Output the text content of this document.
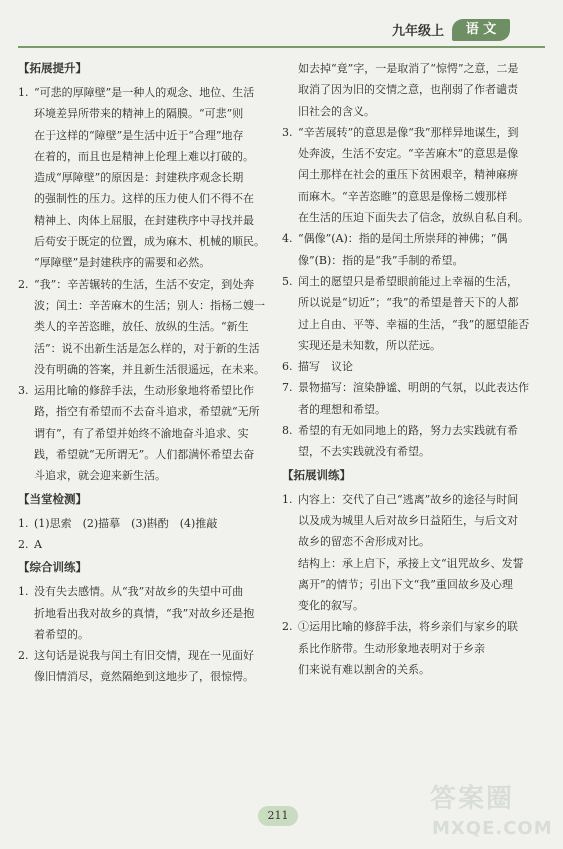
九年级上	语 文
【拓展提升】
1. “可悲的厚障壁”是一种人的观念、地位、生活
环境差异所带来的精神上的隔膜。“可悲”则
在于这样的“障壁”是生活中近于“合理”地存
在着的，而且也是精神上伦理上难以打破的。
造成“厚障壁”的原因是：封建秩序观念长期
的强制性的压力。这样的压力使人们不得不在
精神上、肉体上屈服，在封建秩序中寻找并最
后苟安于既定的位置，成为麻木、机械的顺民。
“厚障壁”是封建秩序的需要和必然。
2. “我”：辛苦辗转的生活，生活不安定，到处奔
波；闰土：辛苦麻木的生活；别人：指杨二嫂一
类人的辛苦恣睢，放任、放纵的生活。“新生
活”：说不出新生活是怎么样的，对于新的生活
没有明确的答案，并且新生活很遥远，在未来。
3. 运用比喻的修辞手法，生动形象地将希望比作
路，指空有希望而不去奋斗追求，希望就“无所
谓有”，有了希望并始终不渝地奋斗追求、实
践，希望就“无所谓无”。人们都满怀希望去奋
斗追求，就会迎来新生活。
【当堂检测】
1. (1)思索　(2)描摹　(3)斟酌　(4)推敲
2. A
【综合训练】
1. 没有失去感情。从“我”对故乡的失望中可曲
折地看出我对故乡的真情，“我”对故乡还是抱
着希望的。
2. 这句话是说我与闰土有旧交情，现在一见面好
像旧情消尽，竟然隔绝到这地步了，很惊愕。
如去掉“竟”字，一是取消了“惊愕”之意，二是
取消了因为旧的交情之意，也削弱了作者谴责
旧社会的含义。
3. “辛苦展转”的意思是像“我”那样异地谋生，到
处奔波，生活不安定。“辛苦麻木”的意思是像
闰土那样在社会的重压下贫困艰辛，精神麻痹
而麻木。“辛苦恣睢”的意思是像杨二嫂那样
在生活的压迫下面失去了信念，放纵自私自利。
4. “偶像”(A)：指的是闰土所崇拜的神佛；“偶
像”(B)：指的是“我”手制的希望。
5. 闰土的愿望只是希望眼前能过上幸福的生活，
所以说是“切近”；“我”的希望是普天下的人都
过上自由、平等、幸福的生活，“我”的愿望能否
实现还是未知数，所以茫远。
6. 描写　议论
7. 景物描写：渲染静谧、明朗的气氛，以此表达作
者的理想和希望。
8. 希望的有无如同地上的路，努力去实践就有希
望，不去实践就没有希望。
【拓展训练】
1. 内容上：交代了自己“逃离”故乡的途径与时间
以及成为城里人后对故乡日益陌生，与后文对
故乡的留恋不舍形成对比。
结构上：承上启下，承接上文“诅咒故乡、发誓
离开”的情节；引出下文“我”重回故乡及心理
变化的叙写。
2. ①运用比喻的修辞手法，将乡亲们与家乡的联
系比作脐带。生动形象地表明对于乡亲
们来说有难以割舍的关系。
211
答案圈
MXQE.COM
